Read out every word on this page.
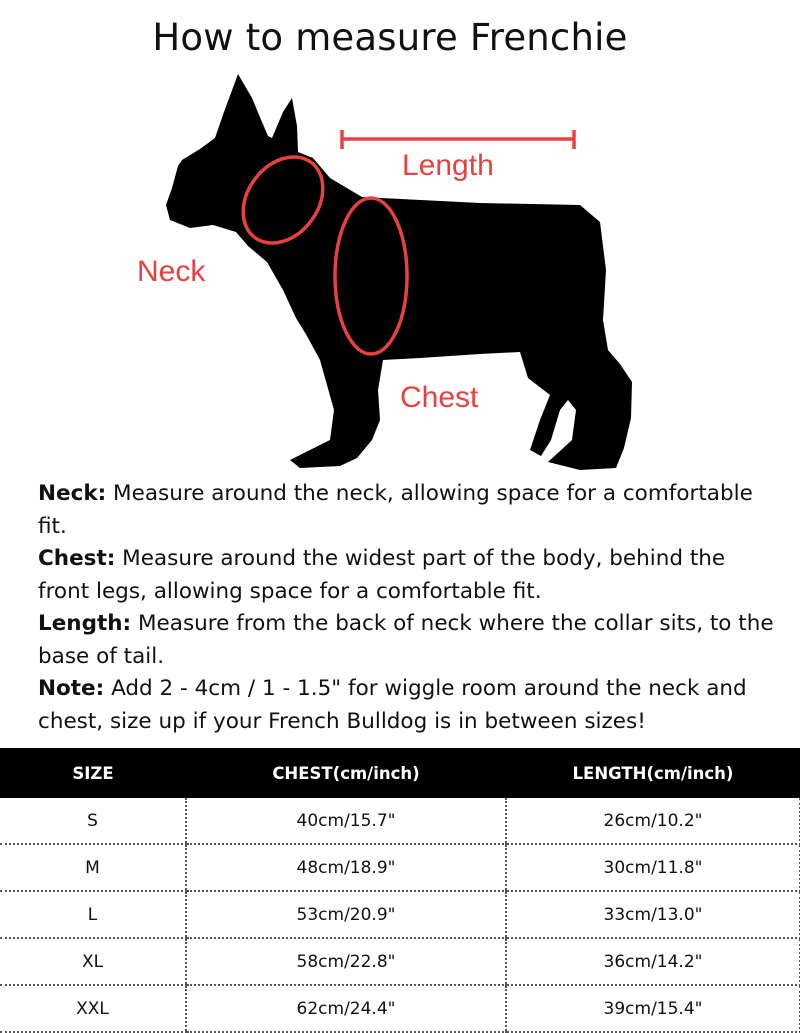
How to measure Frenchie
Length
Neck
Chest

Neck: Measure around the neck, allowing space for a comfortable fit.

Chest: Measure around the widest part of the body, behind the front legs, allowing space for a comfortable fit.

Length: Measure from the back of neck where the collar sits, to the base of tail.

Note: Add 2 - 4cm / 1 - 1.5" for wiggle room around the neck and chest, size up if your French Bulldog is in between sizes!

SIZE	CHEST(cm/inch)	LENGTH(cm/inch)
S	40cm/15.7"	26cm/10.2"
M	48cm/18.9"	30cm/11.8"
L	53cm/20.9"	33cm/13.0"
XL	58cm/22.8"	36cm/14.2"
XXL	62cm/24.4"	39cm/15.4"
